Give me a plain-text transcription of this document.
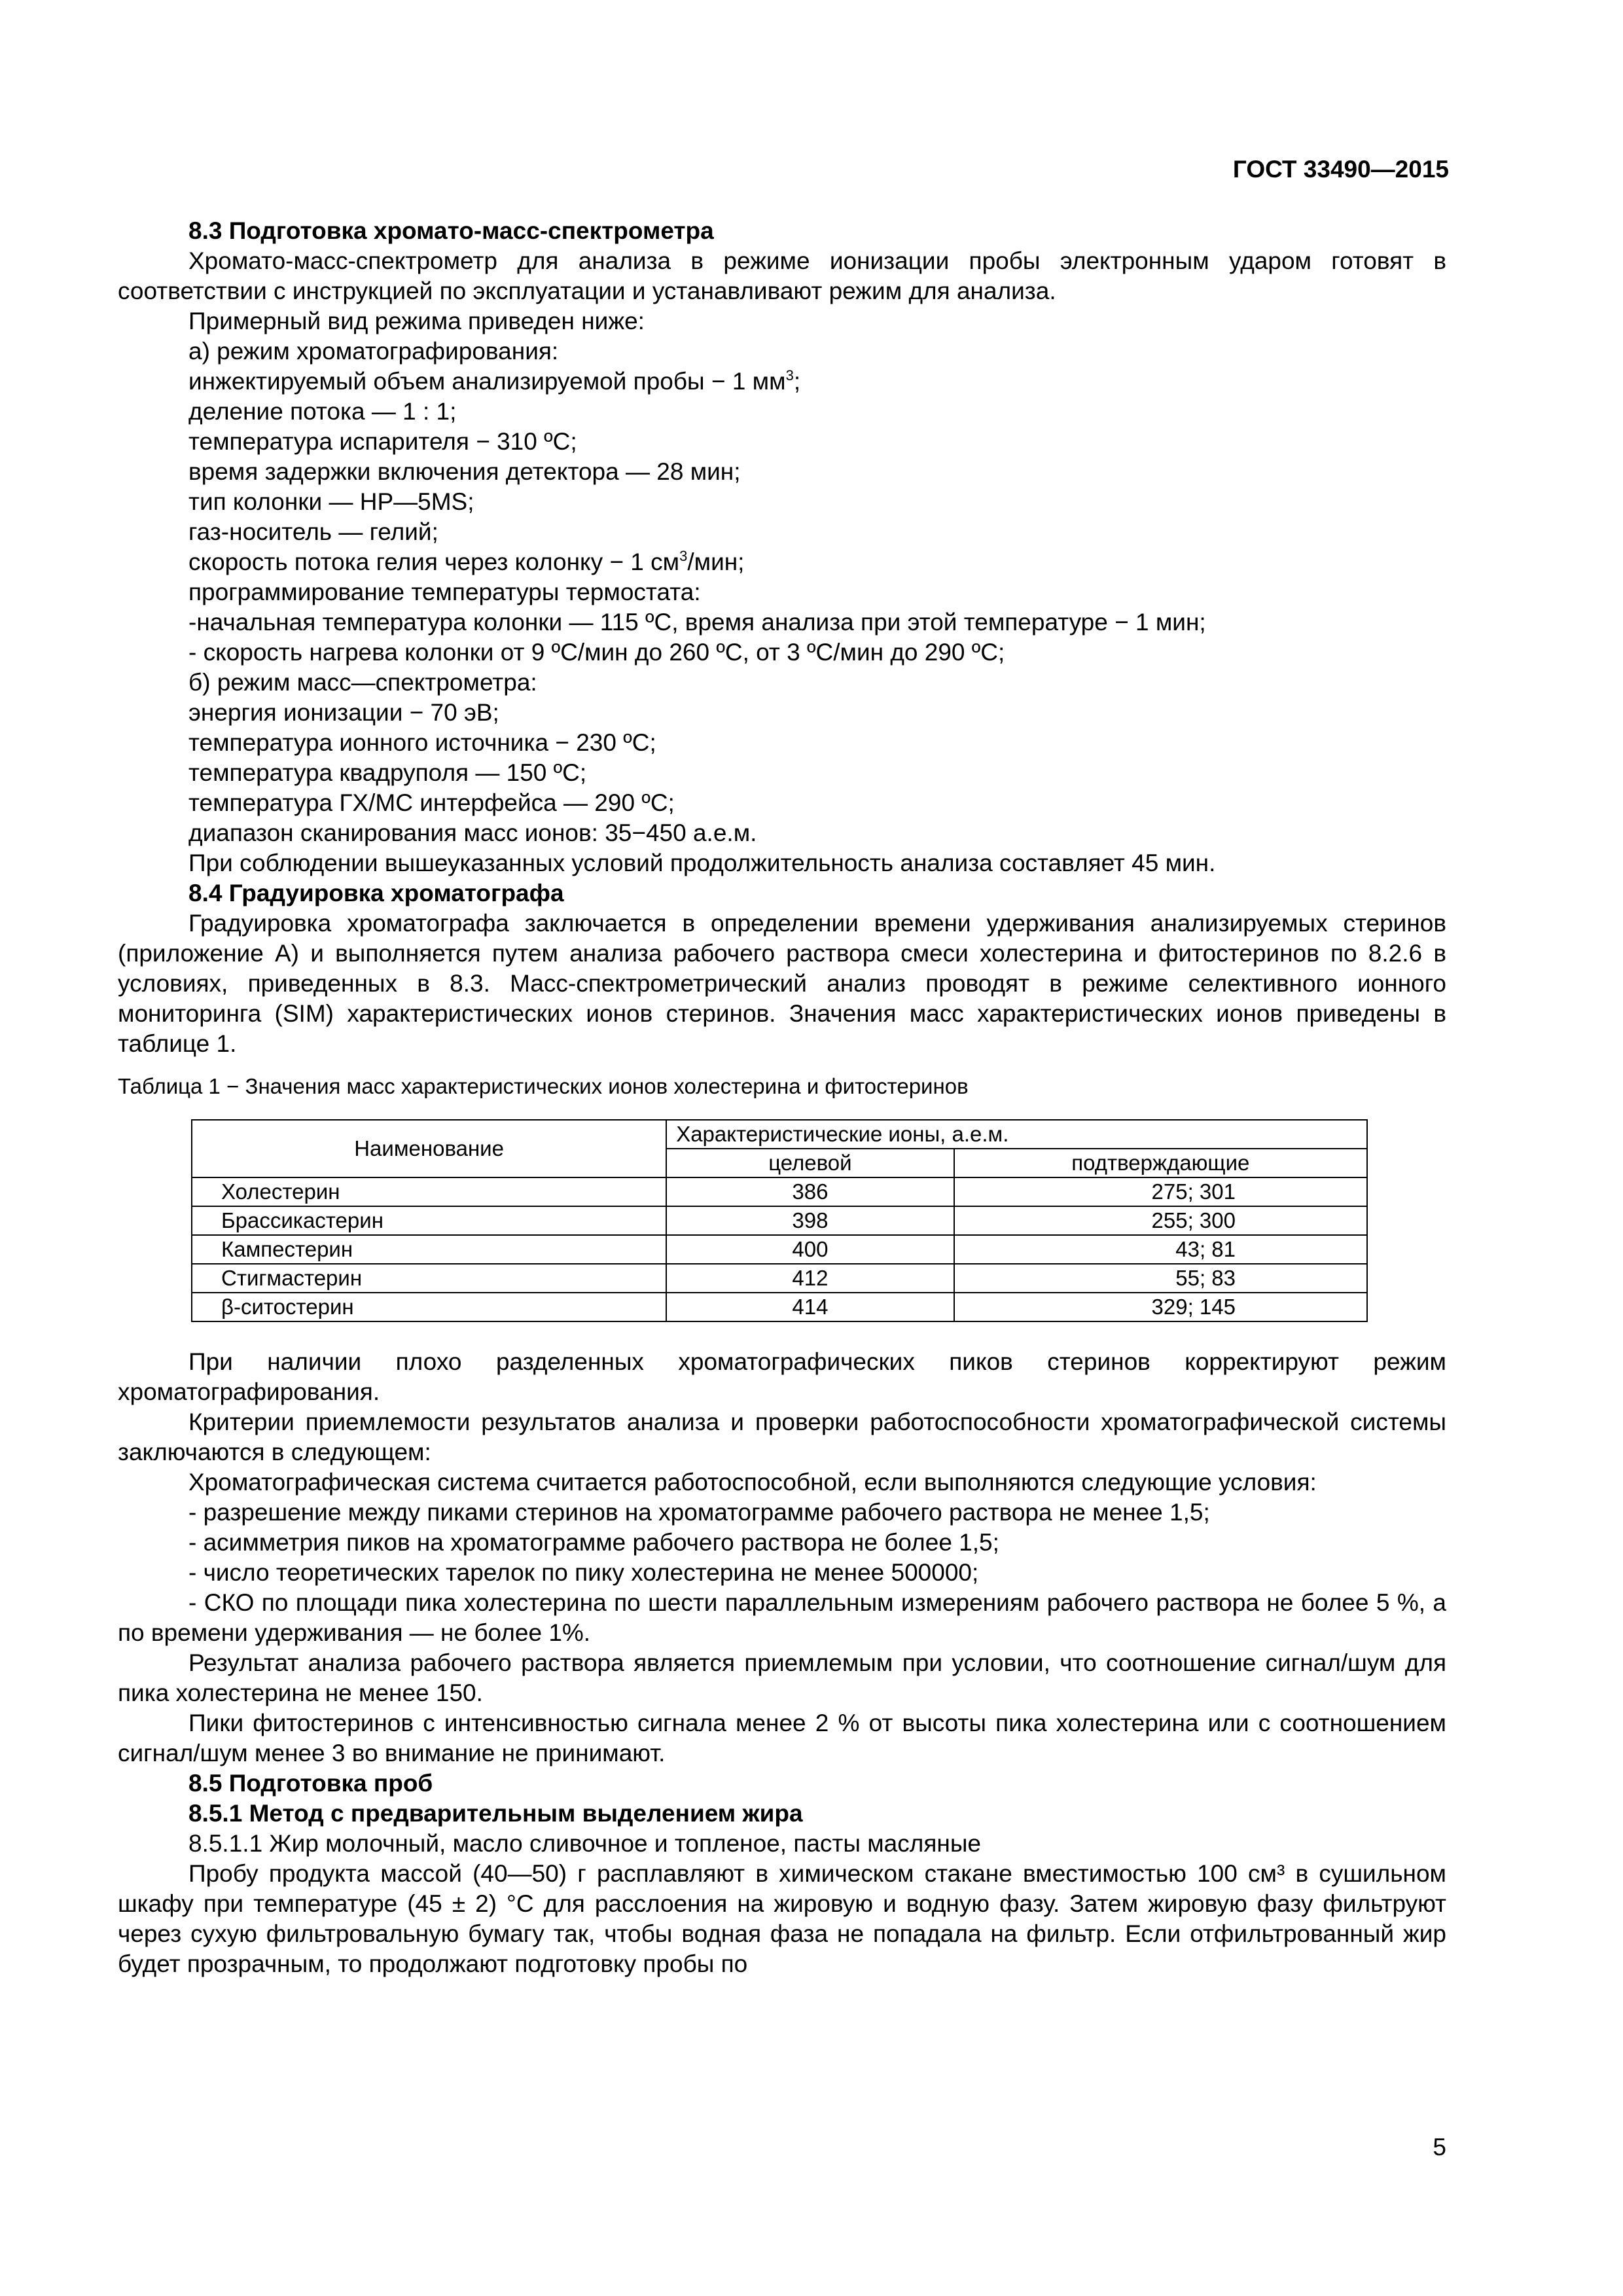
ГОСТ 33490—2015
8.3 Подготовка хромато-масс-спектрометра
Хромато-масс-спектрометр для анализа в режиме ионизации пробы электронным ударом готовят в соответствии с инструкцией по эксплуатации и устанавливают режим для анализа.
Примерный вид режима приведен ниже:
а) режим хроматографирования:
инжектируемый объем анализируемой пробы − 1 $мм^3$;
деление потока — 1 : 1;
температура испарителя − 310 ºС;
время задержки включения детектора — 28 мин;
тип колонки — HP—5MS;
газ-носитель — гелий;
скорость потока гелия через колонку − 1 $см^3$/мин;
программирование температуры термостата:
-начальная температура колонки — 115 ºС, время анализа при этой температуре − 1 мин;
- скорость нагрева колонки от 9 ºС/мин до 260 ºС, от 3 ºС/мин до 290 ºС;
б) режим масс—спектрометра:
энергия ионизации − 70 эВ;
температура ионного источника − 230 ºС;
температура квадруполя — 150 ºС;
температура ГХ/МС интерфейса — 290 ºС;
диапазон сканирования масс ионов: 35−450 а.е.м.
При соблюдении вышеуказанных условий продолжительность анализа составляет 45 мин.
8.4 Градуировка хроматографа
Градуировка хроматографа заключается в определении времени удерживания анализируемых стеринов (приложение А) и выполняется путем анализа рабочего раствора смеси холестерина и фитостеринов по 8.2.6 в условиях, приведенных в 8.3. Масс-спектрометрический анализ проводят в режиме селективного ионного мониторинга (SIM) характеристических ионов стеринов. Значения масс характеристических ионов приведены в таблице 1.
Таблица 1 − Значения масс характеристических ионов холестерина и фитостеринов
Наименование	Характеристические ионы, а.е.м.	
	целевой	подтверждающие
Холестерин	386	275; 301
Брассикастерин	398	255; 300
Кампестерин	400	43; 81
Стигмастерин	412	55; 83
β-ситостерин	414	329; 145
При наличии плохо разделенных хроматографических пиков стеринов корректируют режим хроматографирования.
Критерии приемлемости результатов анализа и проверки работоспособности хроматографической системы заключаются в следующем:
Хроматографическая система считается работоспособной, если выполняются следующие условия:
- разрешение между пиками стеринов на хроматограмме рабочего раствора не менее 1,5;
- асимметрия пиков на хроматограмме рабочего раствора не более 1,5;
- число теоретических тарелок по пику холестерина не менее 500000;
- СКО по площади пика холестерина по шести параллельным измерениям рабочего раствора не более 5 %, а по времени удерживания — не более 1%.
Результат анализа рабочего раствора является приемлемым при условии, что соотношение сигнал/шум для пика холестерина не менее 150.
Пики фитостеринов с интенсивностью сигнала менее 2 % от высоты пика холестерина или с соотношением сигнал/шум менее 3 во внимание не принимают.
8.5 Подготовка проб
8.5.1 Метод с предварительным выделением жира
8.5.1.1 Жир молочный, масло сливочное и топленое, пасты масляные
Пробу продукта массой (40—50) г расплавляют в химическом стакане вместимостью 100 см³ в сушильном шкафу при температуре (45 ± 2) °С для расслоения на жировую и водную фазу. Затем жировую фазу фильтруют через сухую фильтровальную бумагу так, чтобы водная фаза не попадала на фильтр. Если отфильтрованный жир будет прозрачным, то продолжают подготовку пробы по
5
